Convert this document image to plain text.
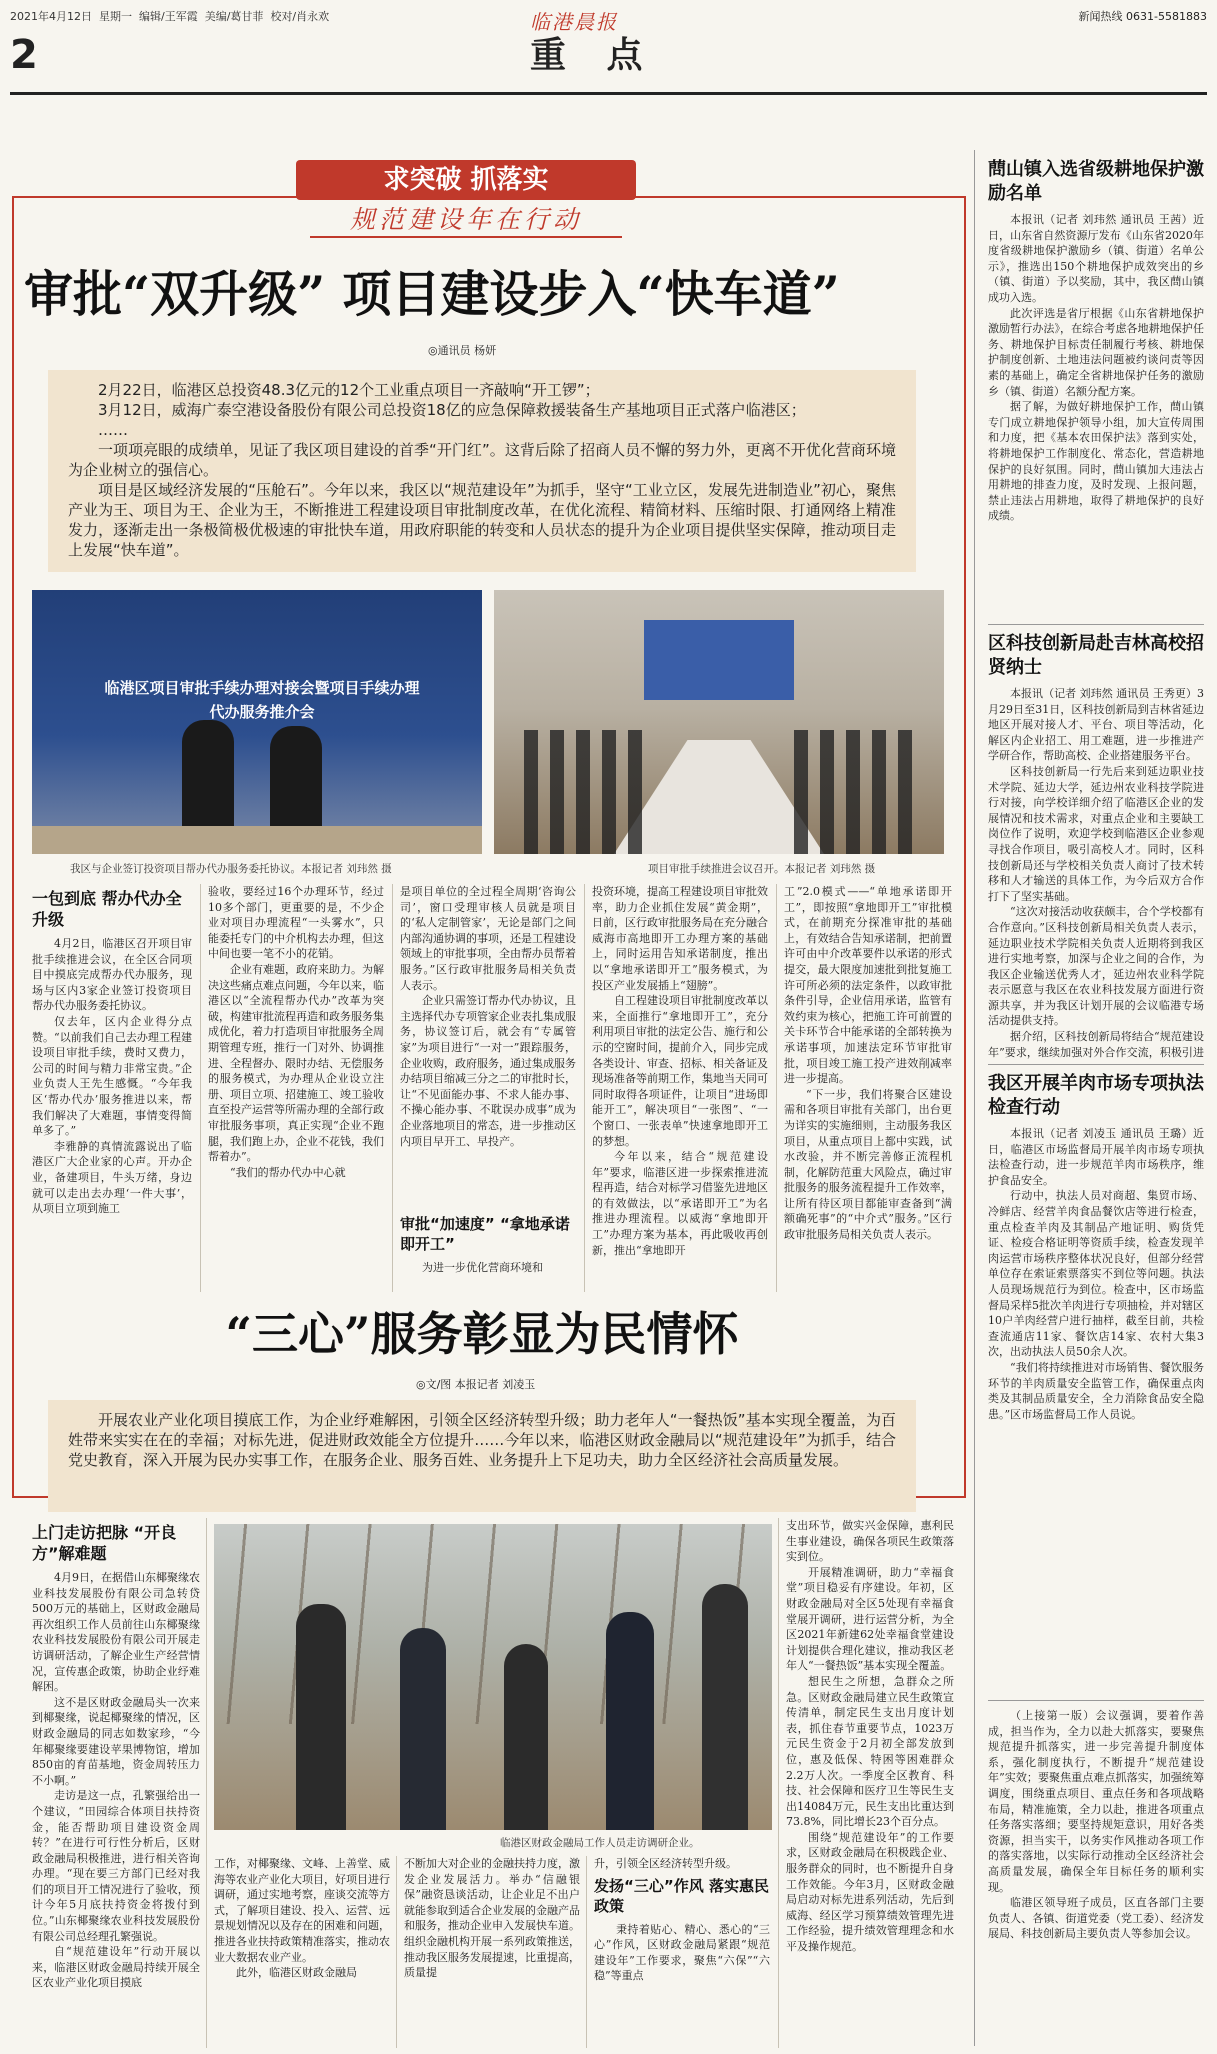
2021年4月12日 星期一 编辑/王军霞 美编/葛甘菲 校对/肖永欢	临港晨报	新闻热线 0631-5581883
2	重 点
求突破 抓落实
规范建设年在行动
审批“双升级” 项目建设步入“快车道”
◎通讯员 杨妍

2月22日，临港区总投资48.3亿元的12个工业重点项目一齐敲响“开工锣”；

3月12日，威海广泰空港设备股份有限公司总投资18亿的应急保障救援装备生产基地项目正式落户临港区；

……

一项项亮眼的成绩单，见证了我区项目建设的首季“开门红”。这背后除了招商人员不懈的努力外，更离不开优化营商环境为企业树立的强信心。

项目是区域经济发展的“压舱石”。今年以来，我区以“规范建设年”为抓手，坚守“工业立区，发展先进制造业”初心，聚焦产业为王、项目为王、企业为王，不断推进工程建设项目审批制度改革，在优化流程、精简材料、压缩时限、打通网络上精准发力，逐渐走出一条极简极优极速的审批快车道，用政府职能的转变和人员状态的提升为企业项目提供坚实保障，推动项目走上发展“快车道”。

临港区项目审批手续办理对接会暨项目手续办理代办服务推介会
我区与企业签订投资项目帮办代办服务委托协议。本报记者 刘玮然 摄	项目审批手续推进会议召开。本报记者 刘玮然 摄
一包到底 帮办代办全升级

4月2日，临港区召开项目审批手续推进会议，在全区合同项目中摸底完成帮办代办服务，现场与区内3家企业签订投资项目帮办代办服务委托协议。

仅去年，区内企业得分点赞。“以前我们自己去办理工程建设项目审批手续，费时又费力，公司的时间与精力非常宝贵。”企业负责人王先生感慨。“今年我区‘帮办代办’服务推进以来，帮我们解决了大难题，事情变得简单多了。”

李雅静的真情流露说出了临港区广大企业家的心声。开办企业，备建项目，牛头万绪，身边就可以走出去办理‘一件大事’，从项目立项到施工

验收，要经过16个办理环节，经过10多个部门，更重要的是，不少企业对项目办理流程“一头雾水”，只能委托专门的中介机构去办理，但这中间也要一笔不小的花销。

企业有难题，政府来助力。为解决这些痛点难点问题，今年以来，临港区以“全流程帮办代办”改革为突破，构建审批流程再造和政务服务集成优化，着力打造项目审批服务全周期管理专班，推行一门对外、协调推进、全程督办、限时办结、无偿服务的服务模式，为办理从企业设立注册、项目立项、招建施工、竣工验收直至投产运营等所需办理的全部行政审批服务事项，真正实现“企业不跑腿，我们跑上办，企业不花钱，我们帮着办”。

“我们的帮办代办中心就

是项目单位的全过程全周期‘咨询公司’，窗口受理审核人员就是项目的‘私人定制管家’，无论是部门之间内部沟通协调的事项，还是工程建设领域上的审批事项，全由帮办员帮着服务。”区行政审批服务局相关负责人表示。

企业只需签订帮办代办协议，且主选择代办专项管家企业表扎集成服务，协议签订后，就会有“专属管家”为项目进行“一对一”跟踪服务，企业收购，政府服务，通过集成服务办结项目缩减三分之二的审批时长，让“不见面能办事、不求人能办事、不操心能办事、不耽误办成事”成为企业落地项目的常态，进一步推动区内项目早开工、早投产。

审批“加速度” “拿地承诺即开工”

为进一步优化营商环境和

投资环境，提高工程建设项目审批效率，助力企业抓住发展“黄金期”，日前，区行政审批服务局在充分融合威海市高地即开工办理方案的基础上，同时运用告知承诺制度，推出以“拿地承诺即开工”服务模式，为投区产业发展插上“翅膀”。

自工程建设项目审批制度改革以来，全面推行“拿地即开工”，充分利用项目审批的法定公告、施行和公示的空窗时间，提前介入，同步完成各类设计、审查、招标、相关备证及现场准备等前期工作，集地当天同可同时取得各项证件，让项目“进场即能开工”，解决项目“一张图”、“一个窗口、一张表单”快速拿地即开工的梦想。

今年以来，结合“规范建设年”要求，临港区进一步探索推进流程再造，结合对标学习借鉴先进地区的有效做法，以“承诺即开工”为名推进办理流程。以威海“拿地即开工”办理方案为基本，再此吸收再创新，推出“拿地即开

工”2.0模式——“单地承诺即开工”，即按照“拿地即开工”审批模式，在前期充分探准审批的基础上，有效结合告知承诺制，把前置许可由中介改革要件以承诺的形式提交，最大限度加速批到批复施工许可所必须的法定条件，以政审批条件引导，企业信用承诺，监管有效约束为核心，把施工许可前置的关卡环节合中能承诺的全部转换为承诺事项，加速法定环节审批审批，项目竣工施工投产进效削减率进一步提高。

“下一步，我们将聚合区建设需和各项目审批有关部门，出台更为详实的实施细则，主动服务我区项目，从重点项目上都中实践，试水改验，并不断完善修正流程机制，化解防范重大风险点，确过审批服务的服务流程提升工作效率，让所有待区项目都能审查备到“满额确死事”的“中介式”服务。”区行政审批服务局相关负责人表示。

“三心”服务彰显为民情怀
◎文/图 本报记者 刘凌玉

开展农业产业化项目摸底工作，为企业纾难解困，引领全区经济转型升级；助力老年人“一餐热饭”基本实现全覆盖，为百姓带来实实在在的幸福；对标先进，促进财政效能全方位提升……今年以来，临港区财政金融局以“规范建设年”为抓手，结合党史教育，深入开展为民办实事工作，在服务企业、服务百姓、业务提升上下足功夫，助力全区经济社会高质量发展。

上门走访把脉 “开良方”解难题

4月9日，在据借山东椰聚缘农业科技发展股份有限公司急转贷500万元的基础上，区财政金融局再次组织工作人员前往山东椰聚缘农业科技发展股份有限公司开展走访调研活动，了解企业生产经营情况，宣传惠企政策，协助企业纾难解困。

这不是区财政金融局头一次来到椰聚缘，说起椰聚缘的情况，区财政金融局的同志如数家珍，“今年椰聚缘要建设苹果博物馆，增加850亩的育苗基地，资金周转压力不小啊。”

走访是这一点，孔繁强给出一个建议，“田园综合体项目扶持资金，能否帮助项目建设资金周转？”在进行可行性分析后，区财政金融局积极推进，进行相关咨询办理。“现在要三方部门已经对我们的项目开工情况进行了验收，预计今年5月底扶持资金将拨付到位。”山东椰聚缘农业科技发展股份有限公司总经理孔繁强说。

自“规范建设年”行动开展以来，临港区财政金融局持续开展全区农业产业化项目摸底

临港区财政金融局工作人员走访调研企业。

工作，对椰聚缘、文峰、上善堂、威海等农业产业化大项目，好项目进行调研，通过实地考察，座谈交流等方式，了解项目建设、投入、运营、远景规划情况以及存在的困难和问题，推进各业扶持政策精准落实，推动农业大数据农业产业。

此外，临港区财政金融局

不断加大对企业的金融扶持力度，激发企业发展活力。举办“信融银保”融资恳谈活动，让企业足不出户就能参取到适合企业发展的金融产品和服务，推动企业申入发展快车道。组织金融机构开展一系列政策推送，推动我区服务发展提速，比重提高，质量提

升，引领全区经济转型升级。

发扬“三心”作风 落实惠民政策

秉持着贴心、精心、悉心的“三心”作风，区财政金融局紧跟“规范建设年”工作要求，聚焦“六保”“六稳”等重点

支出环节，做实兴金保障，惠利民生事业建设，确保各项民生政策落实到位。

开展精准调研，助力“幸福食堂”项目稳妥有序建设。年初，区财政金融局对全区5处现有幸福食堂展开调研，进行运营分析，为全区2021年新建62处幸福食堂建设计划提供合理化建议，推动我区老年人“一餐热饭”基本实现全覆盖。

想民生之所想，急群众之所急。区财政金融局建立民生政策宣传清单，制定民生支出月度计划表，抓住春节重要节点，1023万元民生资金于2月初全部发放到位，惠及低保、特困等困难群众2.2万人次。一季度全区教育、科技、社会保障和医疗卫生等民生支出14084万元，民生支出比重达到73.8%，同比增长23个百分点。

围绕“规范建设年”的工作要求，区财政金融局在积极践企业、服务群众的同时，也不断提升自身工作效能。今年3月，区财政金融局启动对标先进系列活动，先后到威海、经区学习预算绩效管理先进工作经验，提升绩效管理理念和水平及操作规范。

蔄山镇入选省级耕地保护激励名单

本报讯（记者 刘玮然 通讯员 王茜）近日，山东省自然资源厅发布《山东省2020年度省级耕地保护激励乡（镇、街道）名单公示》，推选出150个耕地保护成效突出的乡（镇、街道）予以奖励，其中，我区蔄山镇成功入选。

此次评选是省厅根据《山东省耕地保护激励暂行办法》，在综合考虑各地耕地保护任务、耕地保护目标责任制履行考核、耕地保护制度创新、土地违法问题被约谈问责等因素的基础上，确定全省耕地保护任务的激励乡（镇、街道）名额分配方案。

据了解，为做好耕地保护工作，蔄山镇专门成立耕地保护领导小组，加大宣传周围和力度，把《基本农田保护法》落到实处，将耕地保护工作制度化、常态化，营造耕地保护的良好氛围。同时，蔄山镇加大违法占用耕地的排查力度，及时发现、上报问题，禁止违法占用耕地，取得了耕地保护的良好成绩。

区科技创新局赴吉林高校招贤纳士

本报讯（记者 刘玮然 通讯员 王秀更）3月29日至31日，区科技创新局到吉林省延边地区开展对接人才、平台、项目等活动，化解区内企业招工、用工难题，进一步推进产学研合作，帮助高校、企业搭建服务平台。

区科技创新局一行先后来到延边职业技术学院、延边大学，延边州农业科技学院进行对接，向学校详细介绍了临港区企业的发展情况和技术需求，对重点企业和主要缺工岗位作了说明，欢迎学校到临港区企业参观寻找合作项目，吸引高校人才。同时，区科技创新局还与学校相关负责人商讨了技术转移和人才输送的具体工作，为今后双方合作打下了坚实基础。

“这次对接活动收获颇丰，合个学校都有合作意向。”区科技创新局相关负责人表示，延边职业技术学院相关负责人近期将到我区进行实地考察，加深与企业之间的合作，为我区企业输送优秀人才，延边州农业科学院表示愿意与我区在农业科技发展方面进行资源共享，并为我区计划开展的会议临港专场活动提供支持。

据介绍，区科技创新局将结合“规范建设年”要求，继续加强对外合作交流，积极引进

我区开展羊肉市场专项执法检查行动

本报讯（记者 刘凌玉 通讯员 王璐）近日，临港区市场监督局开展羊肉市场专项执法检查行动，进一步规范羊肉市场秩序，维护食品安全。

行动中，执法人员对商超、集贸市场、冷鲜店、经营羊肉食品餐饮店等进行检查，重点检查羊肉及其制品产地证明、购货凭证、检疫合格证明等资质手续，检查发现羊肉运营市场秩序整体状况良好，但部分经营单位存在索证索票落实不到位等问题。执法人员现场规范行为到位。检查中，区市场监督局采样5批次羊肉进行专项抽检，并对辖区10户羊肉经营户进行抽样，截至目前，共检查流通店11家、餐饮店14家、农村大集3次，出动执法人员50余人次。

“我们将持续推进对市场销售、餐饮服务环节的羊肉质量安全监管工作，确保重点肉类及其制品质量安全，全力消除食品安全隐患。”区市场监督局工作人员说。

（上接第一版）会议强调，要着作善成，担当作为，全力以赴大抓落实，要聚焦规范提升抓落实，进一步完善提升制度体系，强化制度执行，不断提升“规范建设年”实效；要聚焦重点难点抓落实，加强统筹调度，围绕重点项目、重点任务和各项战略布局，精准施策，全力以赴，推进各项重点任务落实落细；要坚持规矩意识，用好各类资源，担当实干，以务实作风推动各项工作的落实落地，以实际行动推动全区经济社会高质量发展，确保全年目标任务的顺利实现。

临港区领导班子成员，区直各部门主要负责人、各镇、街道党委（党工委）、经济发展局、科技创新局主要负责人等参加会议。
